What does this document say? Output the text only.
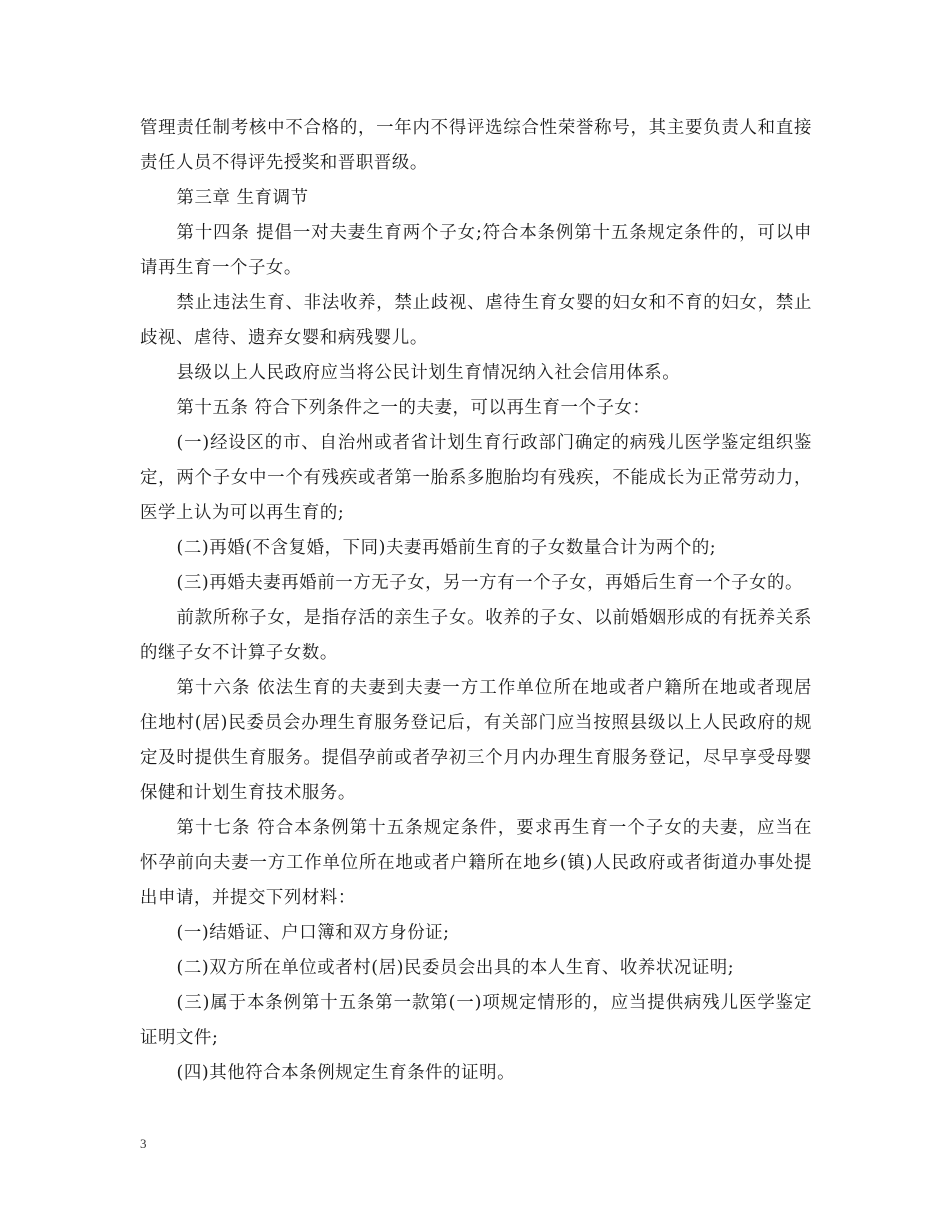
管理责任制考核中不合格的，一年内不得评选综合性荣誉称号，其主要负责人和直接责任人员不得评先授奖和晋职晋级。

第三章 生育调节

第十四条 提倡一对夫妻生育两个子女;符合本条例第十五条规定条件的，可以申请再生育一个子女。

禁止违法生育、非法收养，禁止歧视、虐待生育女婴的妇女和不育的妇女，禁止歧视、虐待、遗弃女婴和病残婴儿。

县级以上人民政府应当将公民计划生育情况纳入社会信用体系。

第十五条 符合下列条件之一的夫妻，可以再生育一个子女：

(一)经设区的市、自治州或者省计划生育行政部门确定的病残儿医学鉴定组织鉴定，两个子女中一个有残疾或者第一胎系多胞胎均有残疾，不能成长为正常劳动力，医学上认为可以再生育的;

(二)再婚(不含复婚，下同)夫妻再婚前生育的子女数量合计为两个的;

(三)再婚夫妻再婚前一方无子女，另一方有一个子女，再婚后生育一个子女的。

前款所称子女，是指存活的亲生子女。收养的子女、以前婚姻形成的有抚养关系的继子女不计算子女数。

第十六条 依法生育的夫妻到夫妻一方工作单位所在地或者户籍所在地或者现居住地村(居)民委员会办理生育服务登记后，有关部门应当按照县级以上人民政府的规定及时提供生育服务。提倡孕前或者孕初三个月内办理生育服务登记，尽早享受母婴保健和计划生育技术服务。

第十七条 符合本条例第十五条规定条件，要求再生育一个子女的夫妻，应当在怀孕前向夫妻一方工作单位所在地或者户籍所在地乡(镇)人民政府或者街道办事处提出申请，并提交下列材料：

(一)结婚证、户口簿和双方身份证;

(二)双方所在单位或者村(居)民委员会出具的本人生育、收养状况证明;

(三)属于本条例第十五条第一款第(一)项规定情形的，应当提供病残儿医学鉴定证明文件;

(四)其他符合本条例规定生育条件的证明。

3
